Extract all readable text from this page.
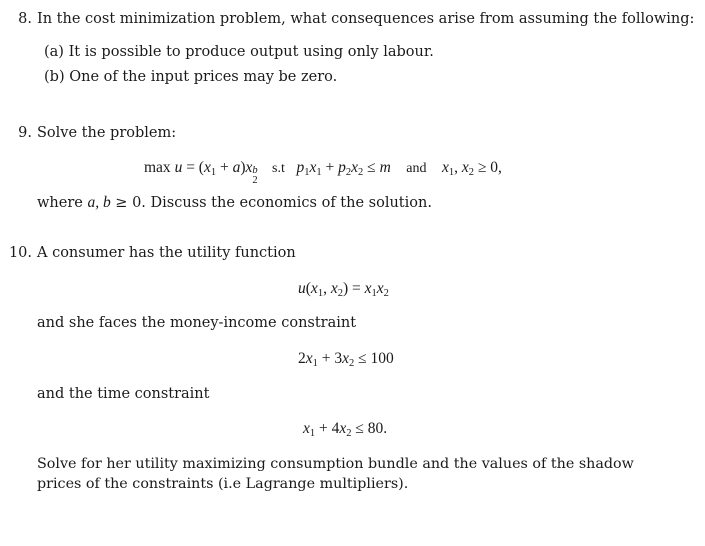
8. In the cost minimization problem, what consequences arise from assuming the following:
(a) It is possible to produce output using only labour.
(b) One of the input prices may be zero.
9. Solve the problem:
$\max u = (x_1 + a)x$ b
2
s.t $p_1x_1 + p_2x_2 \le m$ and $x_1$, $x_2 \ge 0$,
where a, b ≥ 0. Discuss the economics of the solution.
10. A consumer has the utility function
$u(x_1$, $x_2) = x_1x_2$
and she faces the money-income constraint
$2x_1 + 3x_2 \le 100$
and the time constraint
$x_1 + 4x_2 \le 80$.
Solve for her utility maximizing consumption bundle and the values of the shadow prices of the constraints (i.e Lagrange multipliers).
